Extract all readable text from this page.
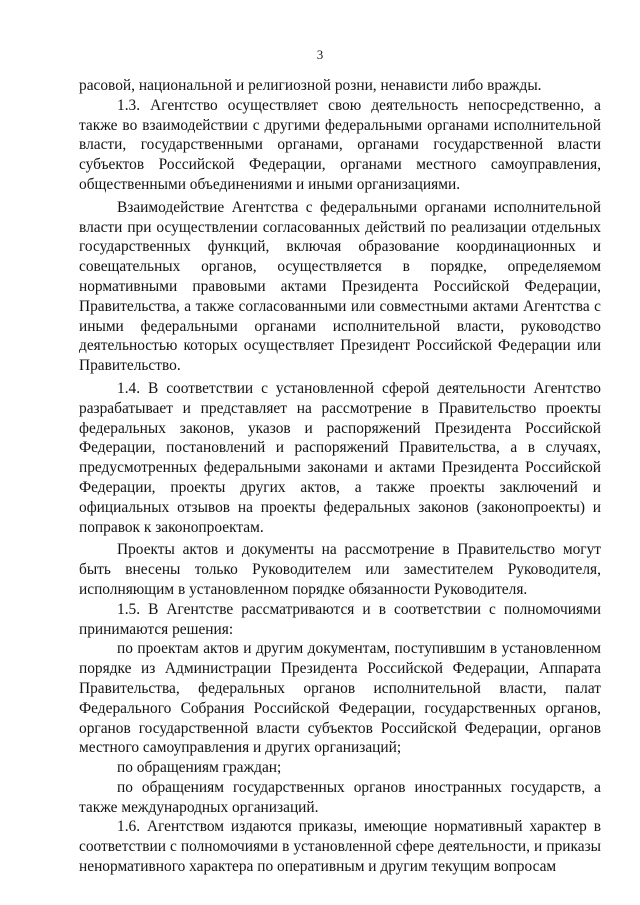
3

расовой, национальной и религиозной розни, ненависти либо вражды.

1.3. Агентство осуществляет свою деятельность непосредственно, а также во взаимодействии с другими федеральными органами исполнительной власти, государственными органами, органами государственной власти субъектов Российской Федерации, органами местного самоуправления, общественными объединениями и иными организациями.

Взаимодействие Агентства с федеральными органами исполнительной власти при осуществлении согласованных действий по реализации отдельных государственных функций, включая образование координационных и совещательных органов, осуществляется в порядке, определяемом нормативными правовыми актами Президента Российской Федерации, Правительства, а также согласованными или совместными актами Агентства с иными федеральными органами исполнительной власти, руководство деятельностью которых осуществляет Президент Российской Федерации или Правительство.

1.4. В соответствии с установленной сферой деятельности Агентство разрабатывает и представляет на рассмотрение в Правительство проекты федеральных законов, указов и распоряжений Президента Российской Федерации, постановлений и распоряжений Правительства, а в случаях, предусмотренных федеральными законами и актами Президента Российской Федерации, проекты других актов, а также проекты заключений и официальных отзывов на проекты федеральных законов (законопроекты) и поправок к законопроектам.

Проекты актов и документы на рассмотрение в Правительство могут быть внесены только Руководителем или заместителем Руководителя, исполняющим в установленном порядке обязанности Руководителя.

1.5. В Агентстве рассматриваются и в соответствии с полномочиями принимаются решения:

по проектам актов и другим документам, поступившим в установленном порядке из Администрации Президента Российской Федерации, Аппарата Правительства, федеральных органов исполнительной власти, палат Федерального Собрания Российской Федерации, государственных органов, органов государственной власти субъектов Российской Федерации, органов местного самоуправления и других организаций;

по обращениям граждан;

по обращениям государственных органов иностранных государств, а также международных организаций.

1.6. Агентством издаются приказы, имеющие нормативный характер в соответствии с полномочиями в установленной сфере деятельности, и приказы ненормативного характера по оперативным и другим текущим вопросам
